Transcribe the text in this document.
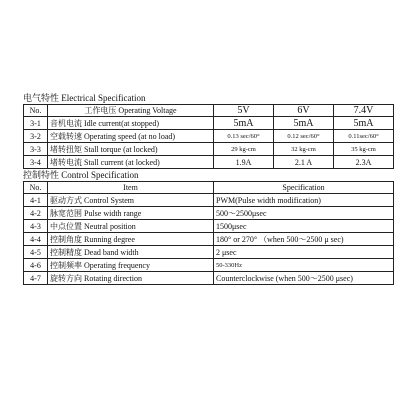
电气特性 Electrical Specification
No.	工作电压 Operating Voltage	5V	6V	7.4V
3-1	音机电流 Idle current(at stopped)	5mA	5mA	5mA
3-2	空载转速 Operating speed (at no load)	0.13 sec/60°	0.12 sec/60°	0.11sec/60°
3-3	堵转扭矩 Stall torque (at locked)	29 kg-cm	32 kg-cm	35 kg-cm
3-4	堵转电流 Stall current (at locked)	1.9A	2.1 A	2.3A
控制特性 Control Specification
No.	Item	Specification
4-1	驱动方式 Control System	PWM(Pulse width modification)
4-2	脉宽范围 Pulse width range	500～2500μsec
4-3	中点位置 Neutral position	1500μsec
4-4	控制角度 Running degree	180° or 270° （when 500～2500 μ sec)
4-5	控制精度 Dead band width	2 μsec
4-6	控制频率 Operating frequency	50-330Hz
4-7	旋转方向 Rotating direction	Counterclockwise (when 500～2500 μsec)
